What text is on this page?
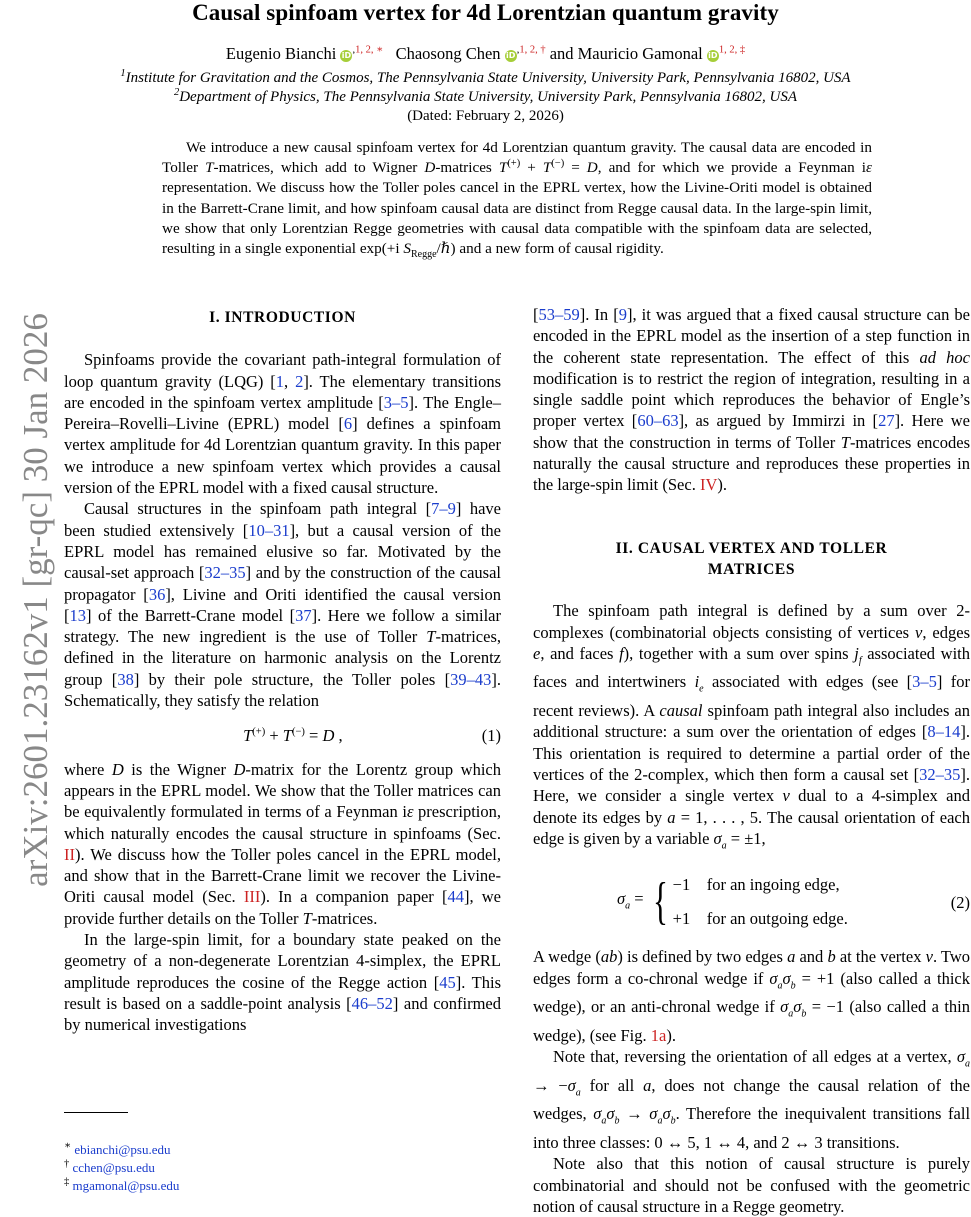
Causal spinfoam vertex for 4d Lorentzian quantum gravity
Eugenio Bianchi $iD^{,1, 2, ∗}$ Chaosong Chen $iD^{,1, 2, \dagger}$ and Mauricio Gamonal $iD^{1, 2, \ddagger}$
$^1$Institute for Gravitation and the Cosmos, The Pennsylvania State University, University Park, Pennsylvania 16802, USA
$^2$Department of Physics, The Pennsylvania State University, University Park, Pennsylvania 16802, USA
(Dated: February 2, 2026)
We introduce a new causal spinfoam vertex for 4d Lorentzian quantum gravity. The causal data are encoded in Toller T-matrices, which add to Wigner D-matrices T(+) + T(−) = D, and for which we provide a Feynman iε representation. We discuss how the Toller poles cancel in the EPRL vertex, how the Livine-Oriti model is obtained in the Barrett-Crane limit, and how spinfoam causal data are distinct from Regge causal data. In the large-spin limit, we show that only Lorentzian Regge geometries with causal data compatible with the spinfoam data are selected, resulting in a single exponential exp(+i $S_{Regge}/\hbar$) and a new form of causal rigidity.
arXiv:2601.23162v1 [gr-qc] 30 Jan 2026	I. INTRODUCTION

Spinfoams provide the covariant path-integral formulation of loop quantum gravity (LQG) [1, 2]. The elementary transitions are encoded in the spinfoam vertex amplitude [3–5]. The Engle–Pereira–Rovelli–Livine (EPRL) model [6] defines a spinfoam vertex amplitude for 4d Lorentzian quantum gravity. In this paper we introduce a new spinfoam vertex which provides a causal version of the EPRL model with a fixed causal structure.

Causal structures in the spinfoam path integral [7–9] have been studied extensively [10–31], but a causal version of the EPRL model has remained elusive so far. Motivated by the causal-set approach [32–35] and by the construction of the causal propagator [36], Livine and Oriti identified the causal version [13] of the Barrett-Crane model [37]. Here we follow a similar strategy. The new ingredient is the use of Toller T-matrices, defined in the literature on harmonic analysis on the Lorentz group [38] by their pole structure, the Toller poles [39–43]. Schematically, they satisfy the relation

T(+) + T(−) = D ,	(1)

where D is the Wigner D-matrix for the Lorentz group which appears in the EPRL model. We show that the Toller matrices can be equivalently formulated in terms of a Feynman iε prescription, which naturally encodes the causal structure in spinfoams (Sec. II). We discuss how the Toller poles cancel in the EPRL model, and show that in the Barrett-Crane limit we recover the Livine-Oriti causal model (Sec. III). In a companion paper [44], we provide further details on the Toller T-matrices.

In the large-spin limit, for a boundary state peaked on the geometry of a non-degenerate Lorentzian 4-simplex, the EPRL amplitude reproduces the cosine of the Regge action [45]. This result is based on a saddle-point analysis [46–52] and confirmed by numerical investigations

∗ ebianchi@psu.edu
† cchen@psu.edu
‡ mgamonal@psu.edu

[53–59]. In [9], it was argued that a fixed causal structure can be encoded in the EPRL model as the insertion of a step function in the coherent state representation. The effect of this ad hoc modification is to restrict the region of integration, resulting in a single saddle point which reproduces the behavior of Engle’s proper vertex [60–63], as argued by Immirzi in [27]. Here we show that the construction in terms of Toller T-matrices encodes naturally the causal structure and reproduces these properties in the large-spin limit (Sec. IV).

II. CAUSAL VERTEX AND TOLLER MATRICES

The spinfoam path integral is defined by a sum over 2-complexes (combinatorial objects consisting of vertices v, edges e, and faces f), together with a sum over spins $j_f$ associated with faces and intertwiners $i_e$ associated with edges (see [3–5] for recent reviews). A causal spinfoam path integral also includes an additional structure: a sum over the orientation of edges [8–14]. This orientation is required to determine a partial order of the vertices of the 2-complex, which then form a causal set [32–35]. Here, we consider a single vertex v dual to a 4-simplex and denote its edges by a = 1, . . . , 5. The causal orientation of each edge is given by a variable $\sigma_a = \pm 1$,

$\sigma_a$ = { −1    for an ingoing edge,
+1    for an outgoing edge.
(2)

A wedge (ab) is defined by two edges a and b at the vertex v. Two edges form a co-chronal wedge if $\sigma_a\sigma_b = +1$ (also called a thick wedge), or an anti-chronal wedge if $\sigma_a\sigma_b = -1$ (also called a thin wedge), (see Fig. 1a).

Note that, reversing the orientation of all edges at a vertex, $\sigma_a \to -\sigma_a$ for all a, does not change the causal relation of the wedges, $\sigma_a\sigma_b \to \sigma_a\sigma_b$. Therefore the inequivalent transitions fall into three classes: 0 ↔ 5, 1 ↔ 4, and 2 ↔ 3 transitions.

Note also that this notion of causal structure is purely combinatorial and should not be confused with the geometric notion of causal structure in a Regge geometry.
